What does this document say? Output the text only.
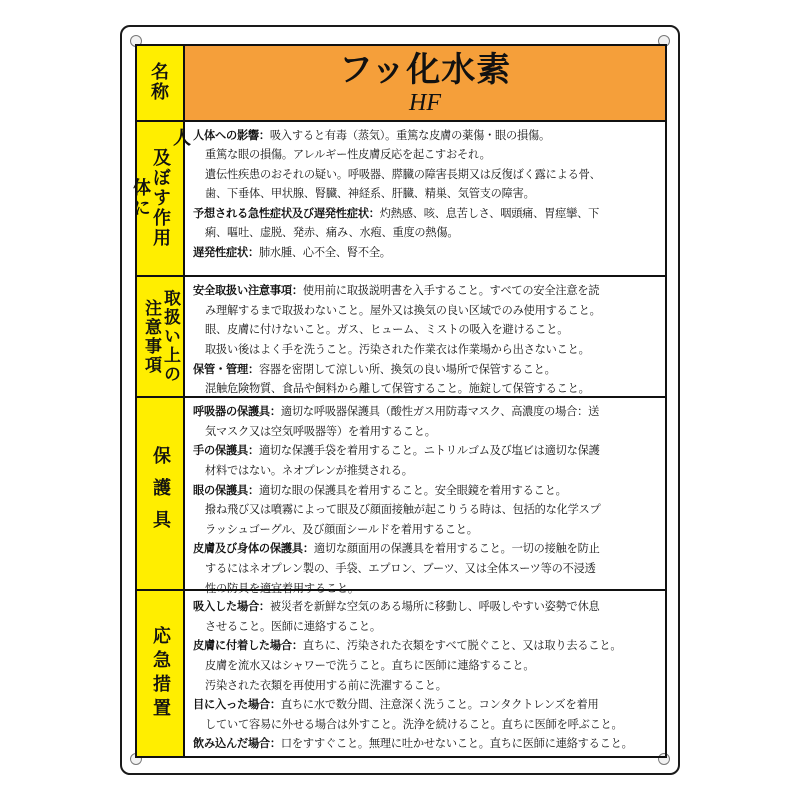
名
称
フッ化水素
HF
人
及ぼす作用
体に

人体への影響：吸入すると有毒（蒸気）。重篤な皮膚の薬傷・眼の損傷。

重篤な眼の損傷。アレルギー性皮膚反応を起こすおそれ。

遺伝性疾患のおそれの疑い。呼吸器、膵臓の障害長期又は反復ばく露による骨、

歯、下垂体、甲状腺、腎臓、神経系、肝臓、精巣、気管支の障害。

予想される急性症状及び遅発性症状：灼熱感、咳、息苦しさ、咽頭痛、胃痙攣、下

痢、嘔吐、虚脱、発赤、痛み、水疱、重度の熱傷。

遅発性症状：肺水腫、心不全、腎不全。

取扱い上の
注意事項

安全取扱い注意事項：使用前に取扱説明書を入手すること。すべての安全注意を読

み理解するまで取扱わないこと。屋外又は換気の良い区域でのみ使用すること。

眼、皮膚に付けないこと。ガス、ヒューム、ミストの吸入を避けること。

取扱い後はよく手を洗うこと。汚染された作業衣は作業場から出さないこと。

保管・管理：容器を密閉して涼しい所、換気の良い場所で保管すること。

混触危険物質、食品や飼料から離して保管すること。施錠して保管すること。

保護具

呼吸器の保護具：適切な呼吸器保護具（酸性ガス用防毒マスク、高濃度の場合：送

気マスク又は空気呼吸器等）を着用すること。

手の保護具：適切な保護手袋を着用すること。ニトリルゴム及び塩ビは適切な保護

材料ではない。ネオプレンが推奨される。

眼の保護具：適切な眼の保護具を着用すること。安全眼鏡を着用すること。

撥ね飛び又は噴霧によって眼及び顔面接触が起こりうる時は、包括的な化学スプ

ラッシュゴーグル、及び顔面シールドを着用すること。

皮膚及び身体の保護具：適切な顔面用の保護具を着用すること。一切の接触を防止

するにはネオプレン製の、手袋、エプロン、ブーツ、又は全体スーツ等の不浸透

性の防具を適宜着用すること。

応急措置

吸入した場合：被災者を新鮮な空気のある場所に移動し、呼吸しやすい姿勢で休息

させること。医師に連絡すること。

皮膚に付着した場合：直ちに、汚染された衣類をすべて脱ぐこと、又は取り去ること。

皮膚を流水又はシャワーで洗うこと。直ちに医師に連絡すること。

汚染された衣類を再使用する前に洗濯すること。

目に入った場合：直ちに水で数分間、注意深く洗うこと。コンタクトレンズを着用

していて容易に外せる場合は外すこと。洗浄を続けること。直ちに医師を呼ぶこと。

飲み込んだ場合：口をすすぐこと。無理に吐かせないこと。直ちに医師に連絡すること。
